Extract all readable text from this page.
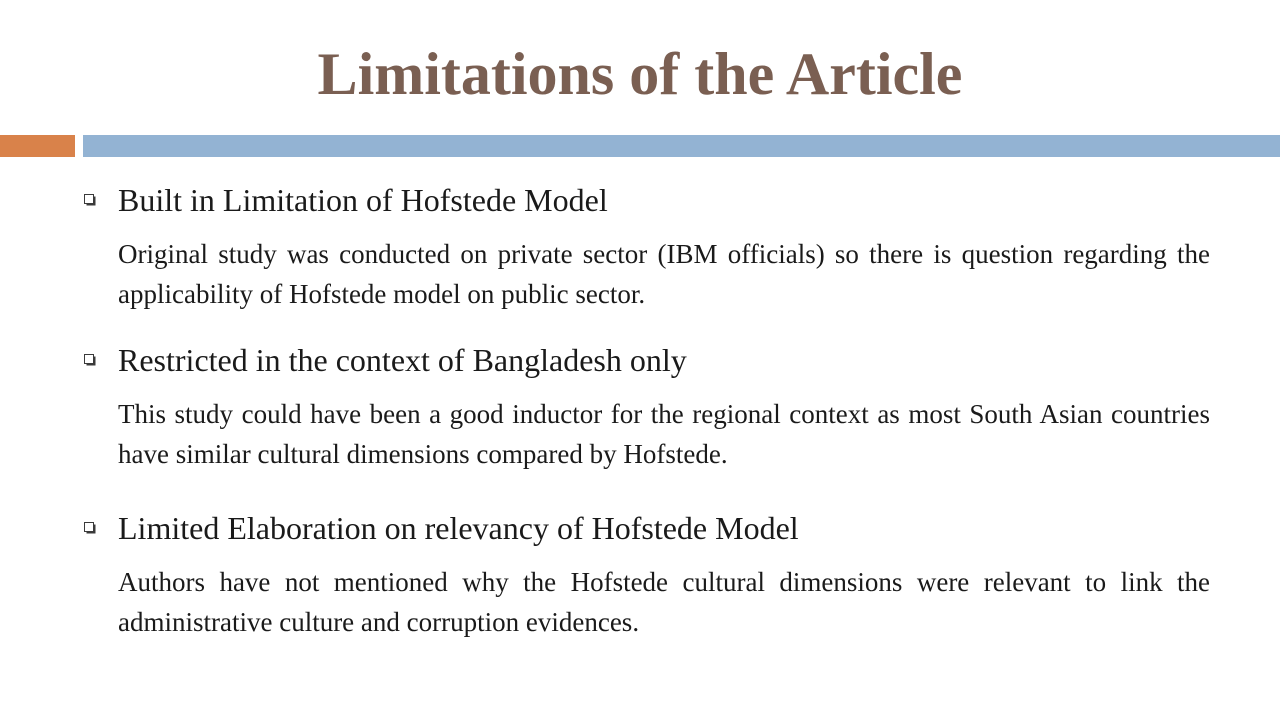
Limitations of the Article
Built in Limitation of Hofstede Model
Original study was conducted on private sector (IBM officials) so there is question regarding the applicability of Hofstede model on public sector.
Restricted in the context of Bangladesh only
This study could have been a good inductor for the regional context as most South Asian countries have similar cultural dimensions compared by Hofstede.
Limited Elaboration on relevancy of Hofstede Model
Authors have not mentioned why the Hofstede cultural dimensions were relevant to link the administrative culture and corruption evidences.
